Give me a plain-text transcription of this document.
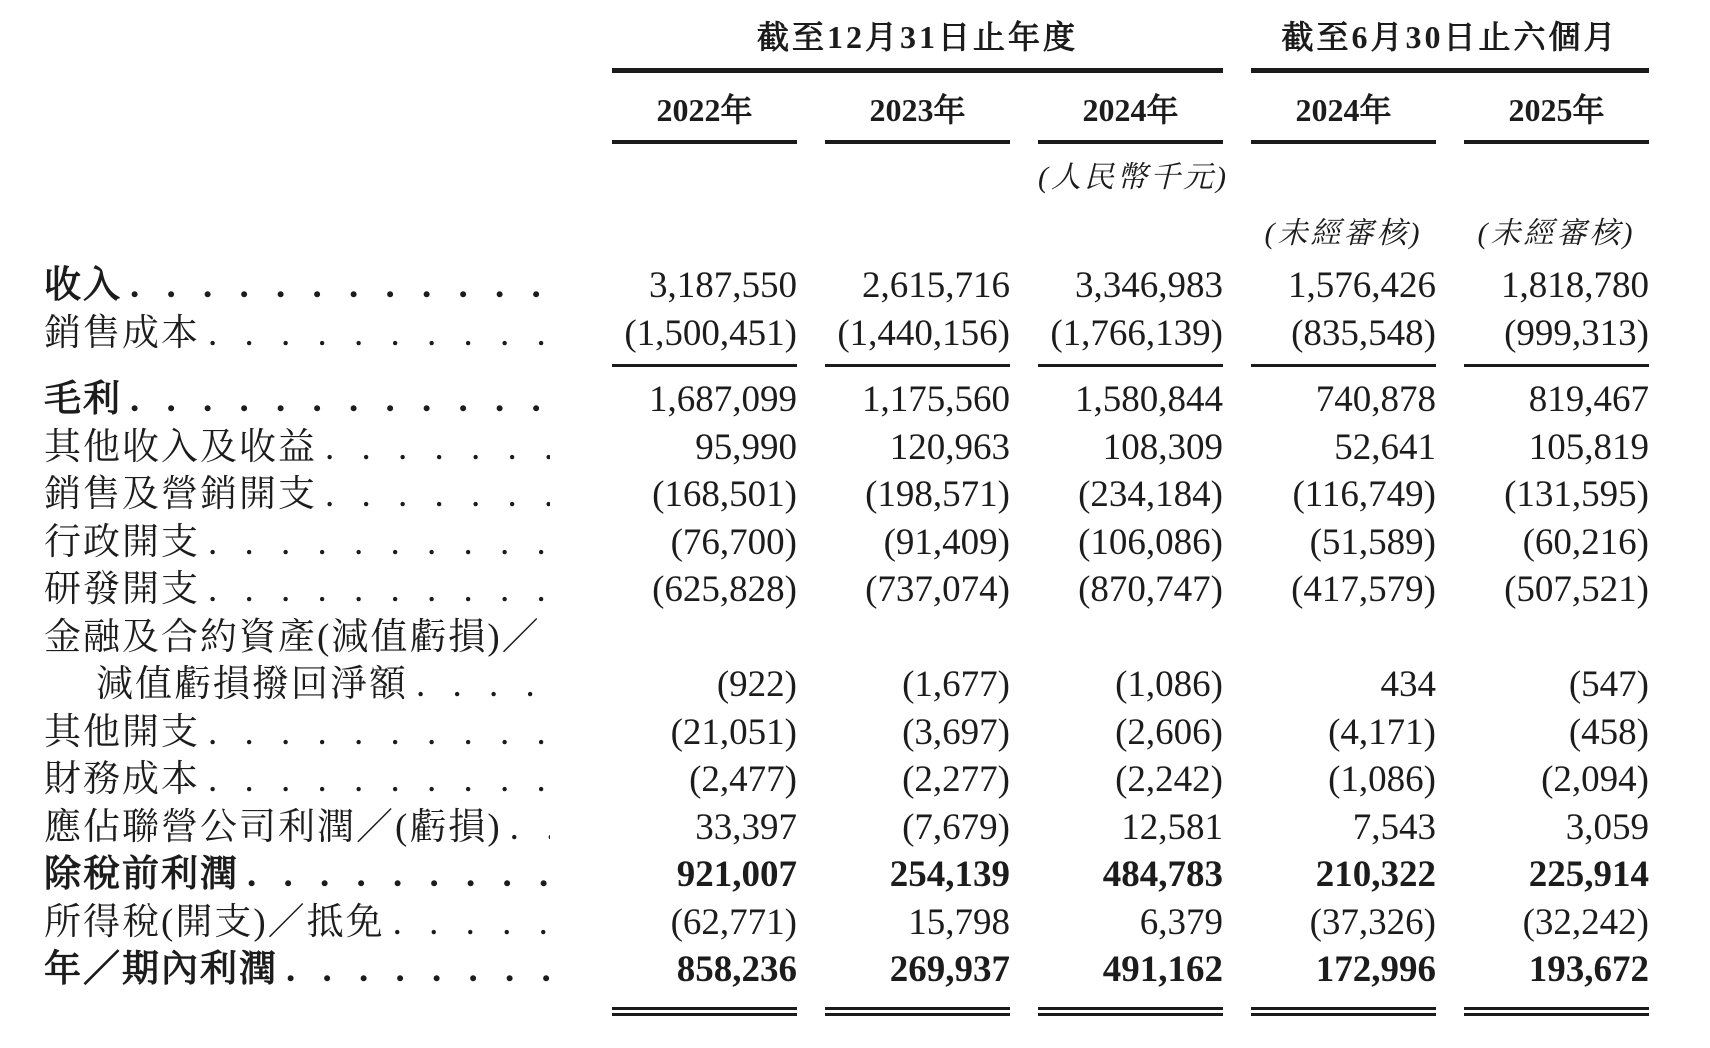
截至12月31日止年度	截至6月30日止六個月
2022年	2023年	2024年	2024年	2025年
(人民幣千元)
(未經審核)	(未經審核)
收入 . . .	3,187,550	2,615,716	3,346,983	1,576,426	1,818,780
銷售成本 . . .	(1,500,451)	(1,440,156)	(1,766,139)	(835,548)	(999,313)
毛利 . . .	1,687,099	1,175,560	1,580,844	740,878	819,467
其他收入及收益 . . .	95,990	120,963	108,309	52,641	105,819
銷售及營銷開支 . . .	(168,501)	(198,571)	(234,184)	(116,749)	(131,595)
行政開支 . . .	(76,700)	(91,409)	(106,086)	(51,589)	(60,216)
研發開支 . . .	(625,828)	(737,074)	(870,747)	(417,579)	(507,521)
金融及合約資產(減值虧損)／
減值虧損撥回淨額 . . .	(922)	(1,677)	(1,086)	434	(547)
其他開支 . . .	(21,051)	(3,697)	(2,606)	(4,171)	(458)
財務成本 . . .	(2,477)	(2,277)	(2,242)	(1,086)	(2,094)
應佔聯營公司利潤／(虧損) . . .	33,397	(7,679)	12,581	7,543	3,059
除稅前利潤 . . .	921,007	254,139	484,783	210,322	225,914
所得稅(開支)／抵免 . . .	(62,771)	15,798	6,379	(37,326)	(32,242)
年／期內利潤 . . .	858,236	269,937	491,162	172,996	193,672
